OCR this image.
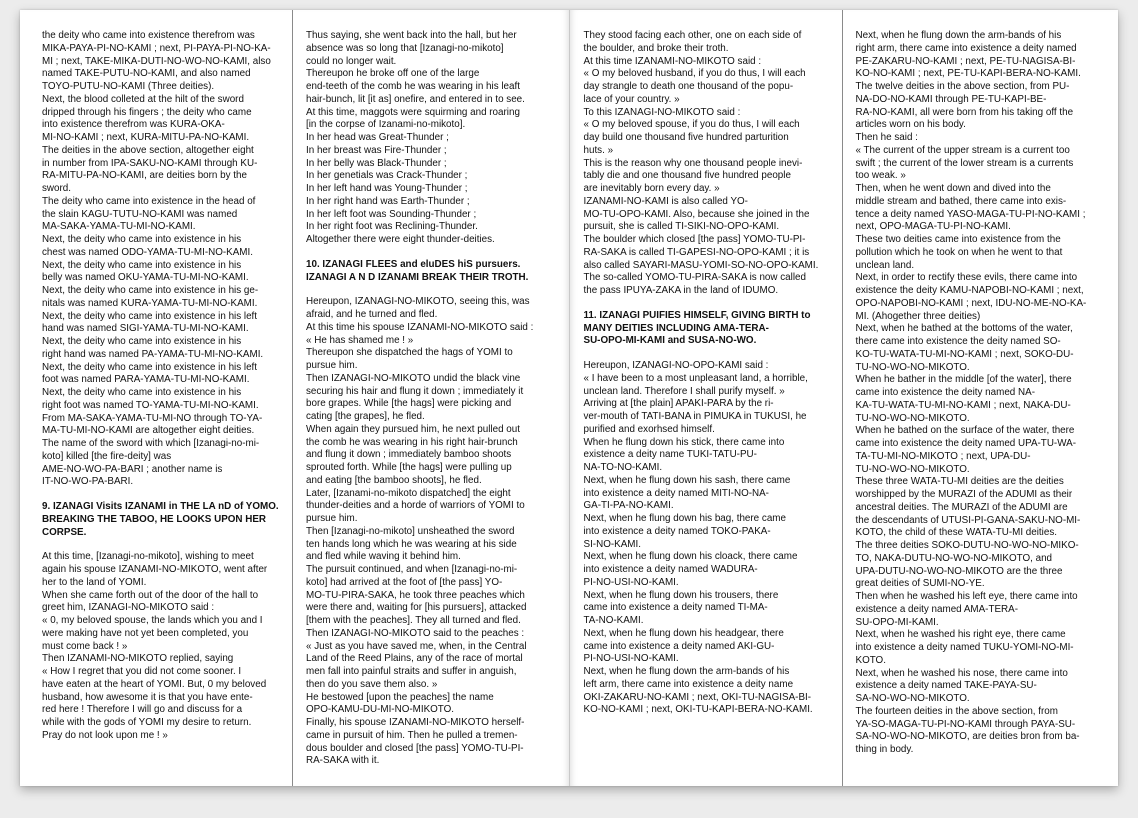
the deity who came into existence therefrom was
MIKA-PAYA-PI-NO-KAMI ; next, PI-PAYA-PI-NO-KA-
MI ; next, TAKE-MIKA-DUTI-NO-WO-NO-KAMI, also
named TAKE-PUTU-NO-KAMI, and also named
TOYO-PUTU-NO-KAMI (Three deities).
Next, the blood colleted at the hilt of the sword
dripped through his fingers ; the deity who came
into existence therefrom was KURA-OKA-
MI-NO-KAMI ; next, KURA-MITU-PA-NO-KAMI.
The deities in the above section, altogether eight
in number from IPA-SAKU-NO-KAMI through KU-
RA-MITU-PA-NO-KAMI, are deities born by the
sword.
The deity who came into existence in the head of
the slain KAGU-TUTU-NO-KAMI was named
MA-SAKA-YAMA-TU-MI-NO-KAMI.
Next, the deity who came into existence in his
chest was named ODO-YAMA-TU-MI-NO-KAMI.
Next, the deity who came into existence in his
belly was named OKU-YAMA-TU-MI-NO-KAMI.
Next, the deity who came into existence in his ge-
nitals was named KURA-YAMA-TU-MI-NO-KAMI.
Next, the deity who came into existence in his left
hand was named SIGI-YAMA-TU-MI-NO-KAMI.
Next, the deity who came into existence in his
right hand was named PA-YAMA-TU-MI-NO-KAMI.
Next, the deity who came into existence in his left
foot was named PARA-YAMA-TU-MI-NO-KAMI.
Next, the deity who came into existence in his
right foot was named TO-YAMA-TU-MI-NO-KAMI.
From MA-SAKA-YAMA-TU-MI-NO through TO-YA-
MA-TU-MI-NO-KAMI are altogether eight deities.
The name of the sword with which [Izanagi-no-mi-
koto] killed [the fire-deity] was
AME-NO-WO-PA-BARI ; another name is
IT-NO-WO-PA-BARI.

9. IZANAGI Visits IZANAMI in THE LA nD of YOMO.
BREAKING THE TABOO, HE LOOKS UPON HER
CORPSE.

At this time, [Izanagi-no-mikoto], wishing to meet
again his spouse IZANAMI-NO-MIKOTO, went after
her to the land of YOMI.
When she came forth out of the door of the hall to
greet him, IZANAGI-NO-MIKOTO said :
« 0, my beloved spouse, the lands which you and I
were making have not yet been completed, you
must come back ! »
Then IZANAMI-NO-MIKOTO replied, saying
« How I regret that you did not come sooner. I
have eaten at the heart of YOMI. But, 0 my beloved
husband, how awesome it is that you have ente-
red here ! Therefore I will go and discuss for a
while with the gods of YOMI my desire to return.
Pray do not look upon me ! »

Thus saying, she went back into the hall, but her
absence was so long that [Izanagi-no-mikoto]
could no longer wait.
Thereupon he broke off one of the large
end-teeth of the comb he was wearing in his leaft
hair-bunch, lit [it as] onefire, and entered in to see.
At this time, maggots were squirming and roaring
[in the corpse of Izanami-no-mikoto].
In her head was Great-Thunder ;
In her breast was Fire-Thunder ;
In her belly was Black-Thunder ;
In her genetials was Crack-Thunder ;
In her left hand was Young-Thunder ;
In her right hand was Earth-Thunder ;
In her left foot was Sounding-Thunder ;
In her right foot was Reclining-Thunder.
Altogether there were eight thunder-deities.

10. IZANAGI FLEES and eluDES hiS pursuers.
IZANAGI A N D IZANAMI BREAK THEIR TROTH.

Hereupon, IZANAGI-NO-MIKOTO, seeing this, was
afraid, and he turned and fled.
At this time his spouse IZANAMI-NO-MIKOTO said :
« He has shamed me ! »
Thereupon she dispatched the hags of YOMI to
pursue him.
Then IZANAGI-NO-MIKOTO undid the black vine
securing his hair and flung it down ; immediately it
bore grapes. While [the hags] were picking and
cating [the grapes], he fled.
When again they pursued him, he next pulled out
the comb he was wearing in his right hair-brunch
and flung it down ; immediately bamboo shoots
sprouted forth. While [the hags] were pulling up
and eating [the bamboo shoots], he fled.
Later, [Izanami-no-mikoto dispatched] the eight
thunder-deities and a horde of warriors of YOMI to
pursue him.
Then [Izanagi-no-mikoto] unsheathed the sword
ten hands long which he was wearing at his side
and fled while waving it behind him.
The pursuit continued, and when [Izanagi-no-mi-
koto] had arrived at the foot of [the pass] YO-
MO-TU-PIRA-SAKA, he took three peaches which
were there and, waiting for [his pursuers], attacked
[them with the peaches]. They all turned and fled.
Then IZANAGI-NO-MIKOTO said to the peaches :
« Just as you have saved me, when, in the Central
Land of the Reed Plains, any of the race of mortal
men fall into painful straits and suffer in anguish,
then do you save them also. »
He bestowed [upon the peaches] the name
OPO-KAMU-DU-MI-NO-MIKOTO.
Finally, his spouse IZANAMI-NO-MIKOTO herself-
came in pursuit of him. Then he pulled a tremen-
dous boulder and closed [the pass] YOMO-TU-PI-
RA-SAKA with it.

They stood facing each other, one on each side of
the boulder, and broke their troth.
At this time IZANAMI-NO-MIKOTO said :
« O my beloved husband, if you do thus, I will each
day strangle to death one thousand of the popu-
lace of your country. »
To this IZANAGI-NO-MIKOTO said :
« O my beloved spouse, if you do thus, I will each
day build one thousand five hundred parturition
huts. »
This is the reason why one thousand people inevi-
tably die and one thousand five hundred people
are inevitably born every day. »
IZANAMI-NO-KAMI is also called YO-
MO-TU-OPO-KAMI. Also, because she joined in the
pursuit, she is called TI-SIKI-NO-OPO-KAMI.
The boulder which closed [the pass] YOMO-TU-PI-
RA-SAKA is called TI-GAPESI-NO-OPO-KAMI ; it is
also called SAYARI-MASU-YOMI-SO-NO-OPO-KAMI.
The so-called YOMO-TU-PIRA-SAKA is now called
the pass IPUYA-ZAKA in the land of IDUMO.

11. IZANAGI PUIFIES HIMSELF, GIVING BIRTH to
MANY DEITIES INCLUDING AMA-TERA-
SU-OPO-MI-KAMI and SUSA-NO-WO.

Hereupon, IZANAGI-NO-OPO-KAMI said :
« I have been to a most unpleasant land, a horrible,
unclean land. Therefore I shall purify myself. »
Arriving at [the plain] APAKI-PARA by the ri-
ver-mouth of TATI-BANA in PIMUKA in TUKUSI, he
purified and exorhsed himself.
When he flung down his stick, there came into
existence a deity name TUKI-TATU-PU-
NA-TO-NO-KAMI.
Next, when he flung down his sash, there came
into existence a deity named MITI-NO-NA-
GA-TI-PA-NO-KAMI.
Next, when he flung down his bag, there came
into existence a deity named TOKO-PAKA-
SI-NO-KAMI.
Next, when he flung down his cloack, there came
into existence a deity named WADURA-
PI-NO-USI-NO-KAMI.
Next, when he flung down his trousers, there
came into existence a deity named TI-MA-
TA-NO-KAMI.
Next, when he flung down his headgear, there
came into existence a deity named AKI-GU-
PI-NO-USI-NO-KAMI.
Next, when he flung down the arm-bands of his
left arm, there came into existence a deity name
OKI-ZAKARU-NO-KAMI ; next, OKI-TU-NAGISA-BI-
KO-NO-KAMI ; next, OKI-TU-KAPI-BERA-NO-KAMI.

Next, when he flung down the arm-bands of his
right arm, there came into existence a deity named
PE-ZAKARU-NO-KAMI ; next, PE-TU-NAGISA-BI-
KO-NO-KAMI ; next, PE-TU-KAPI-BERA-NO-KAMI.
The twelve deities in the above section, from PU-
NA-DO-NO-KAMI through PE-TU-KAPI-BE-
RA-NO-KAMI, all were born from his taking off the
articles worn on his body.
Then he said :
« The current of the upper stream is a current too
swift ; the current of the lower stream is a currents
too weak. »
Then, when he went down and dived into the
middle stream and bathed, there came into exis-
tence a deity named YASO-MAGA-TU-PI-NO-KAMI ;
next, OPO-MAGA-TU-PI-NO-KAMI.
These two deities came into existence from the
pollution which he took on when he went to that
unclean land.
Next, in order to rectify these evils, there came into
existence the deity KAMU-NAPOBI-NO-KAMI ; next,
OPO-NAPOBI-NO-KAMI ; next, IDU-NO-ME-NO-KA-
MI. (Ahogether three deities)
Next, when he bathed at the bottoms of the water,
there came into existence the deity named SO-
KO-TU-WATA-TU-MI-NO-KAMI ; next, SOKO-DU-
TU-NO-WO-NO-MIKOTO.
When he bather in the middle [of the water], there
came into existence the deity named NA-
KA-TU-WATA-TU-MI-NO-KAMI ; next, NAKA-DU-
TU-NO-WO-NO-MIKOTO.
When he bathed on the surface of the water, there
came into existence the deity named UPA-TU-WA-
TA-TU-MI-NO-MIKOTO ; next, UPA-DU-
TU-NO-WO-NO-MIKOTO.
These three WATA-TU-MI deities are the deities
worshipped by the MURAZI of the ADUMI as their
ancestral deities. The MURAZI of the ADUMI are
the descendants of UTUSI-PI-GANA-SAKU-NO-MI-
KOTO, the child of these WATA-TU-MI deities.
The three deities SOKO-DUTU-NO-WO-NO-MIKO-
TO, NAKA-DUTU-NO-WO-NO-MIKOTO, and
UPA-DUTU-NO-WO-NO-MIKOTO are the three
great deities of SUMI-NO-YE.
Then when he washed his left eye, there came into
existence a deity named AMA-TERA-
SU-OPO-MI-KAMI.
Next, when he washed his right eye, there came
into existence a deity named TUKU-YOMI-NO-MI-
KOTO.
Next, when he washed his nose, there came into
existence a deity named TAKE-PAYA-SU-
SA-NO-WO-NO-MIKOTO.
The fourteen deities in the above section, from
YA-SO-MAGA-TU-PI-NO-KAMI through PAYA-SU-
SA-NO-WO-NO-MIKOTO, are deities bron from ba-
thing in body.
